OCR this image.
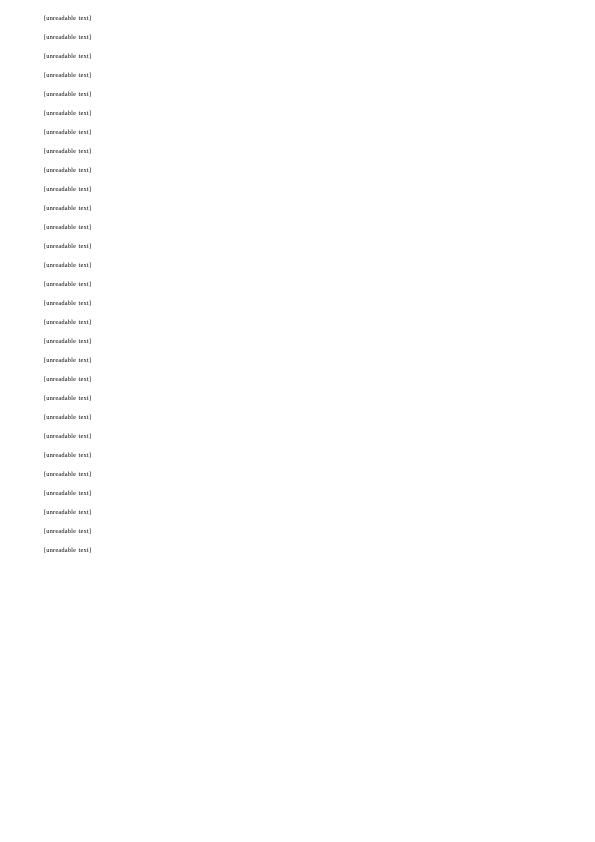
[unreadable text]

[unreadable text]

[unreadable text]

[unreadable text]

[unreadable text]

[unreadable text]

[unreadable text]

[unreadable text]

[unreadable text]

[unreadable text]

[unreadable text]

[unreadable text]

[unreadable text]

[unreadable text]

[unreadable text]

[unreadable text]

[unreadable text]

[unreadable text]

[unreadable text]

[unreadable text]

[unreadable text]

[unreadable text]

[unreadable text]

[unreadable text]

[unreadable text]

[unreadable text]

[unreadable text]

[unreadable text]

[unreadable text]
